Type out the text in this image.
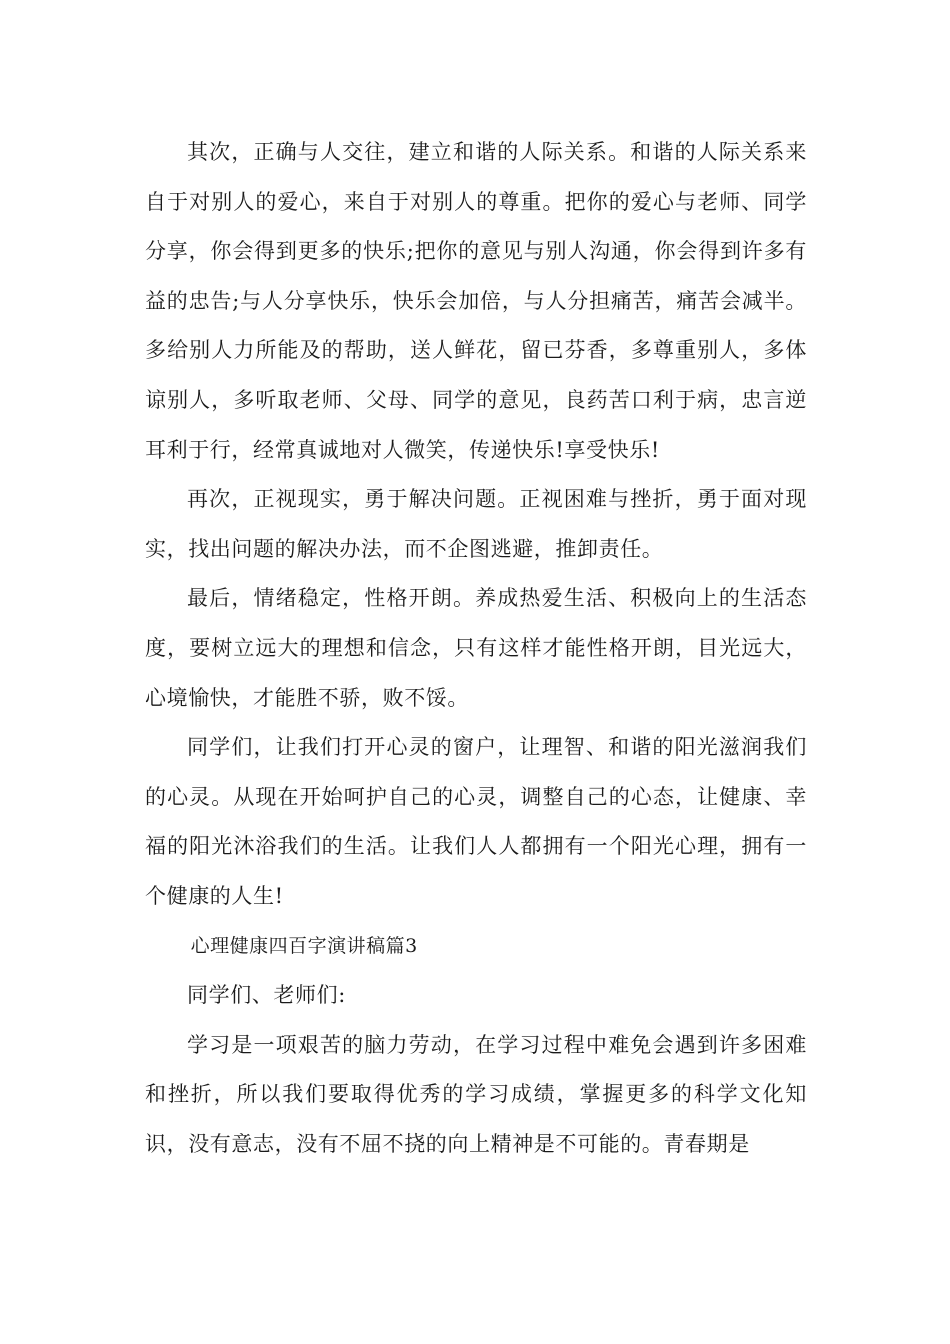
其次，正确与人交往，建立和谐的人际关系。和谐的人际关系来自于对别人的爱心，来自于对别人的尊重。把你的爱心与老师、同学分享，你会得到更多的快乐;把你的意见与别人沟通，你会得到许多有益的忠告;与人分享快乐，快乐会加倍，与人分担痛苦，痛苦会减半。多给别人力所能及的帮助，送人鲜花，留已芬香，多尊重别人，多体谅别人，多听取老师、父母、同学的意见，良药苦口利于病，忠言逆耳利于行，经常真诚地对人微笑，传递快乐!享受快乐!

再次，正视现实，勇于解决问题。正视困难与挫折，勇于面对现实，找出问题的解决办法，而不企图逃避，推卸责任。

最后，情绪稳定，性格开朗。养成热爱生活、积极向上的生活态度，要树立远大的理想和信念，只有这样才能性格开朗，目光远大，心境愉快，才能胜不骄，败不馁。

同学们，让我们打开心灵的窗户，让理智、和谐的阳光滋润我们的心灵。从现在开始呵护自己的心灵，调整自己的心态，让健康、幸福的阳光沐浴我们的生活。让我们人人都拥有一个阳光心理，拥有一个健康的人生!

心理健康四百字演讲稿篇3

同学们、老师们:

学习是一项艰苦的脑力劳动，在学习过程中难免会遇到许多困难和挫折，所以我们要取得优秀的学习成绩，掌握更多的科学文化知识，没有意志，没有不屈不挠的向上精神是不可能的。青春期是
